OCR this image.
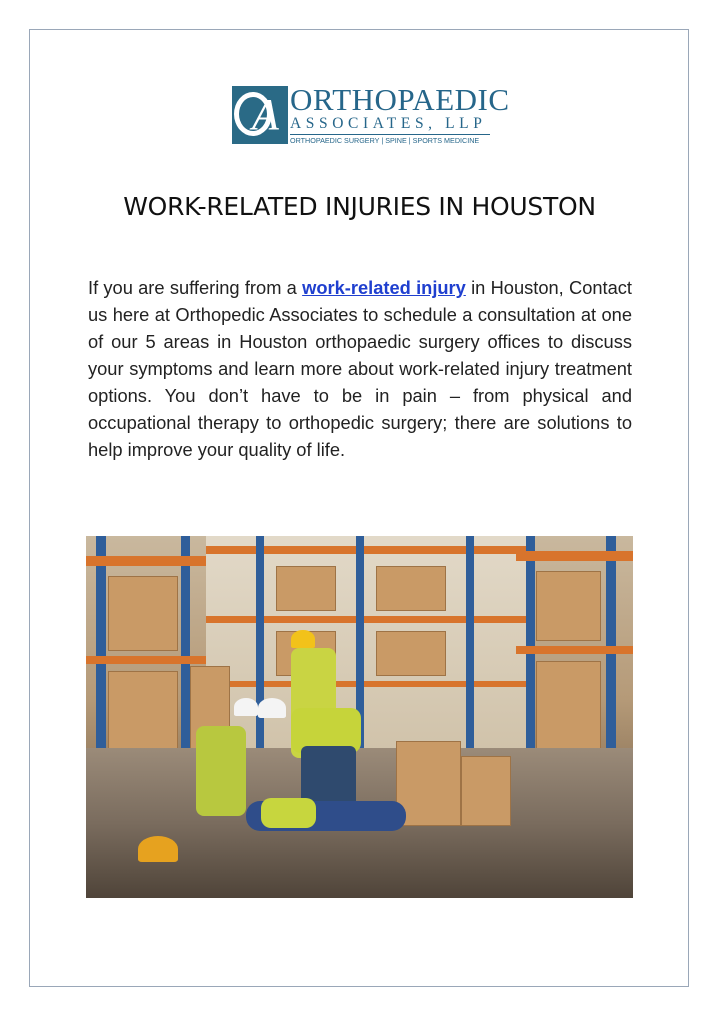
A ORTHOPAEDIC
ASSOCIATES, LLP
ORTHOPAEDIC SURGERY | SPINE | SPORTS MEDICINE
WORK-RELATED INJURIES IN HOUSTON

If you are suffering from a work-related injury in Houston, Contact us here at Orthopedic Associates to schedule a consultation at one of our 5 areas in Houston orthopaedic surgery offices to discuss your symptoms and learn more about work-related injury treatment options. You don’t have to be in pain – from physical and occupational therapy to orthopedic surgery; there are solutions to help improve your quality of life.
